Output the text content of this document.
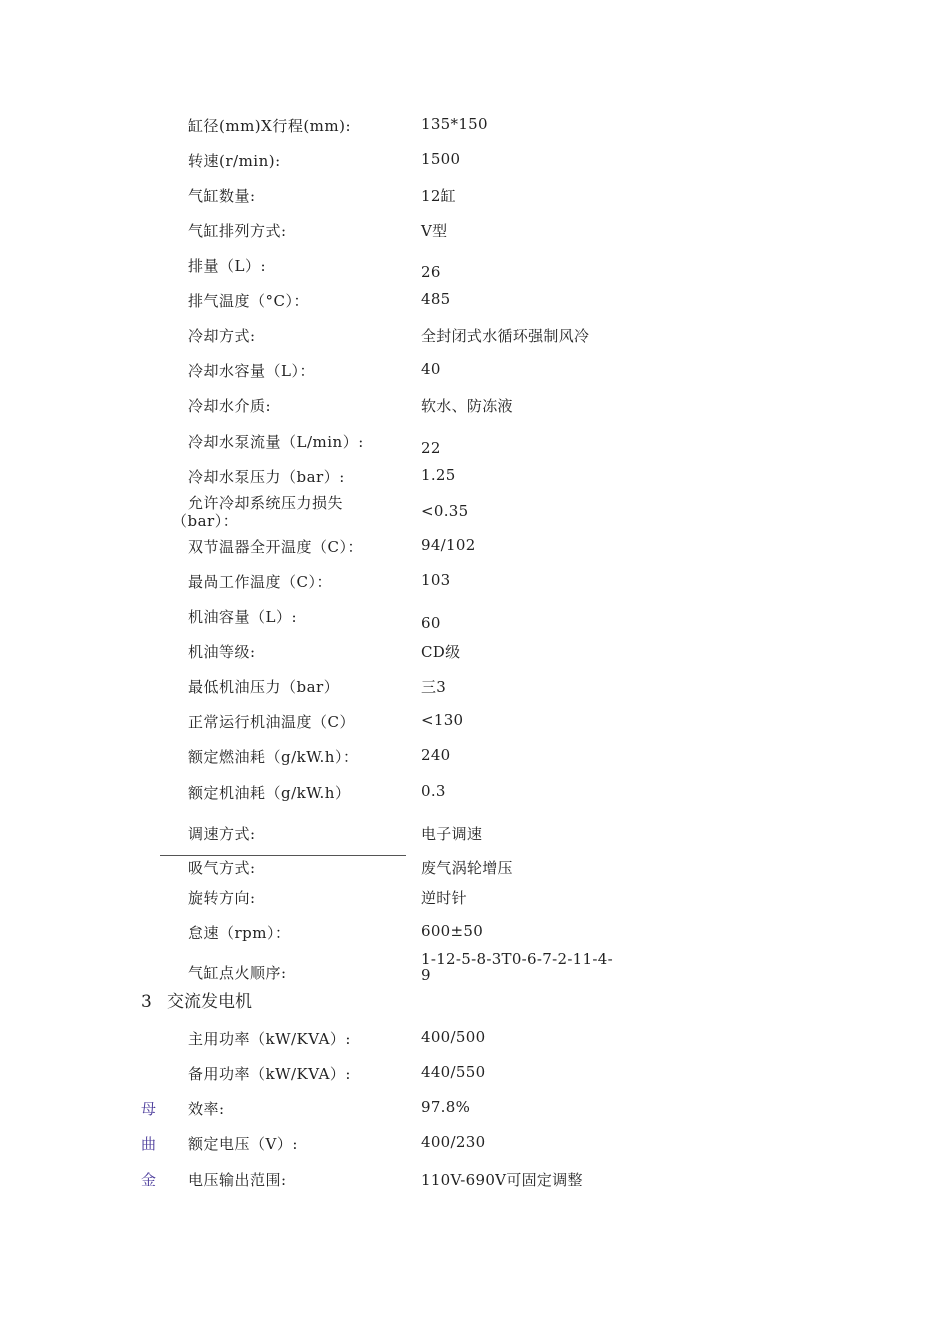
缸径(mm)X行程(mm):	135*150
转速(r/min):	1500
气缸数量:	12缸
气缸排列方式:	V型
排量（L）:	26
排气温度（°C）：	485
冷却方式:	全封闭式水循环强制风冷
冷却水容量（L）：	40
冷却水介质:	软水、防冻液
冷却水泵流量（L/min）:	22
冷却水泵压力（bar）:	1.25
允许冷却系统压力损失
（bar）：
<0.35
双节温器全开温度（C）：	94/102
最咼工作温度（C）：	103
机油容量（L）:	60
机油等级:	CD级
最低机油压力（bar）	三3
正常运行机油温度（C）	<130
额定燃油耗（g/kW.h）：	240
额定机油耗（g/kW.h）	0.3
调速方式:	电子调速
吸气方式:	废气涡轮增压
旋转方向:	逆时针
怠速（rpm）：	600±50
气缸点火顺序:
1-12-5-8-3T0-6-7-2-11-4-
9
3 交流发电机
主用功率（kW/KVA）:	400/500
备用功率（kW/KVA）:	440/550
母 效率:	97.8%
曲 额定电压（V）:	400/230
金 电压输出范围:	110V-690V可固定调整
